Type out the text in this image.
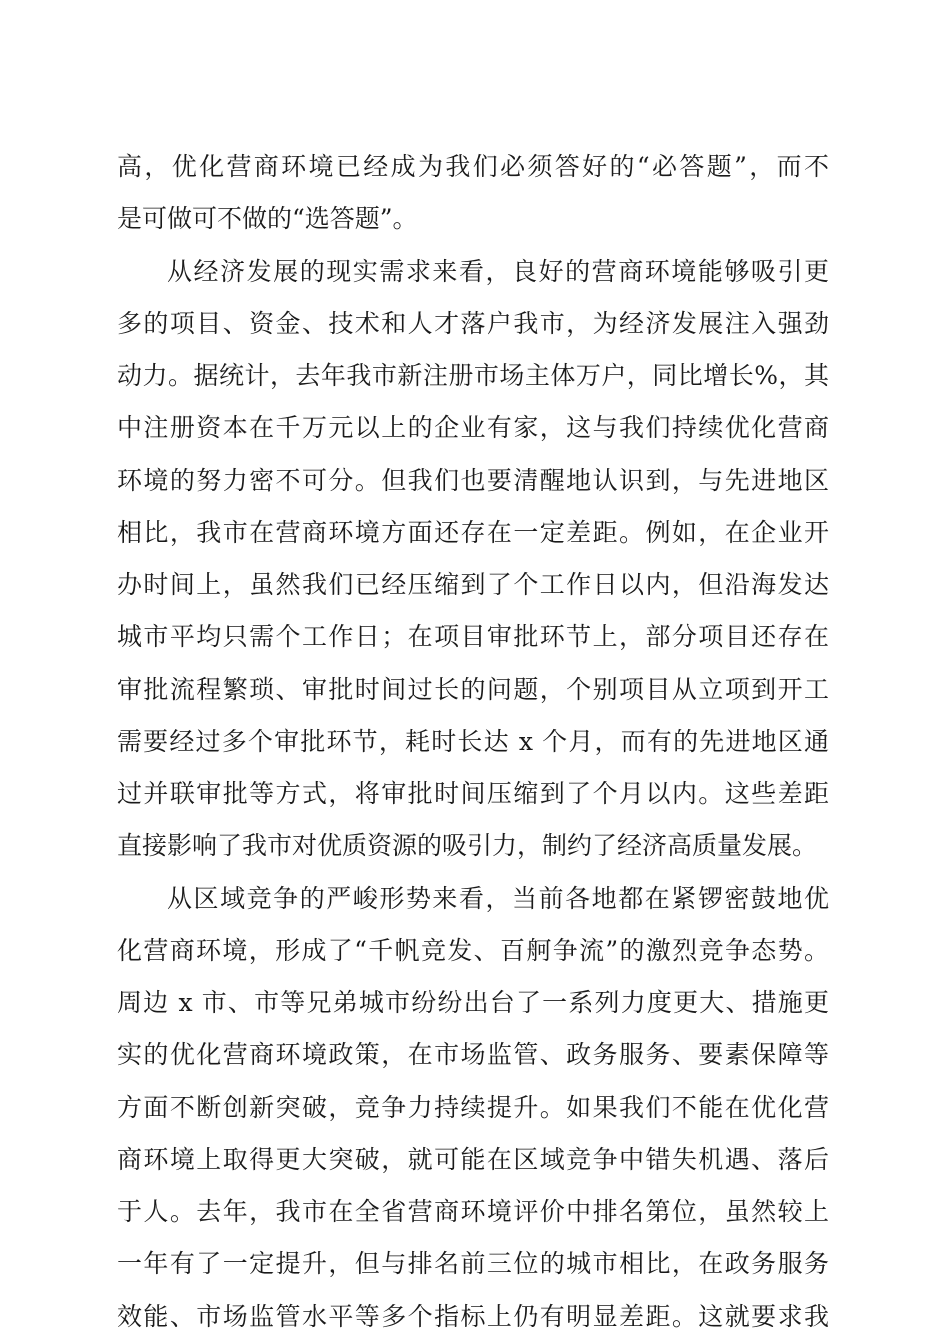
高，优化营商环境已经成为我们必须答好的“必答题”，而不
是可做可不做的“选答题”。
从经济发展的现实需求来看，良好的营商环境能够吸引更
多的项目、资金、技术和人才落户我市，为经济发展注入强劲
动力。据统计，去年我市新注册市场主体万户，同比增长%，其
中注册资本在千万元以上的企业有家，这与我们持续优化营商
环境的努力密不可分。但我们也要清醒地认识到，与先进地区
相比，我市在营商环境方面还存在一定差距。例如，在企业开
办时间上，虽然我们已经压缩到了个工作日以内，但沿海发达
城市平均只需个工作日；在项目审批环节上，部分项目还存在
审批流程繁琐、审批时间过长的问题，个别项目从立项到开工
需要经过多个审批环节，耗时长达 x 个月，而有的先进地区通
过并联审批等方式，将审批时间压缩到了个月以内。这些差距
直接影响了我市对优质资源的吸引力，制约了经济高质量发展。
从区域竞争的严峻形势来看，当前各地都在紧锣密鼓地优
化营商环境，形成了“千帆竞发、百舸争流”的激烈竞争态势。
周边 x 市、市等兄弟城市纷纷出台了一系列力度更大、措施更
实的优化营商环境政策，在市场监管、政务服务、要素保障等
方面不断创新突破，竞争力持续提升。如果我们不能在优化营
商环境上取得更大突破，就可能在区域竞争中错失机遇、落后
于人。去年，我市在全省营商环境评价中排名第位，虽然较上
一年有了一定提升，但与排名前三位的城市相比，在政务服务
效能、市场监管水平等多个指标上仍有明显差距。这就要求我
